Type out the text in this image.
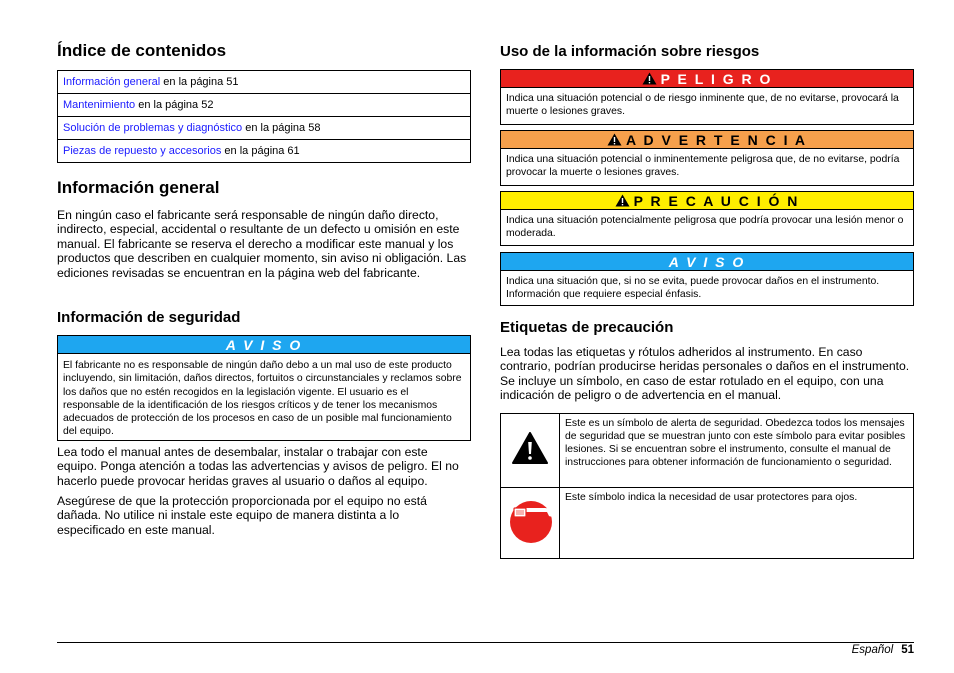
Índice de contenidos
Información general en la página 51
Mantenimiento en la página 52
Solución de problemas y diagnóstico en la página 58
Piezas de repuesto y accesorios en la página 61
Información general

En ningún caso el fabricante será responsable de ningún daño directo, indirecto, especial, accidental o resultante de un defecto u omisión en este manual. El fabricante se reserva el derecho a modificar este manual y los productos que describen en cualquier momento, sin aviso ni obligación. Las ediciones revisadas se encuentran en la página web del fabricante.

Información de seguridad
A V I S O
El fabricante no es responsable de ningún daño debo a un mal uso de este producto incluyendo, sin limitación, daños directos, fortuitos o circunstanciales y reclamos sobre los daños que no estén recogidos en la legislación vigente. El usuario es el responsable de la identificación de los riesgos críticos y de tener los mecanismos adecuados de protección de los procesos en caso de un posible mal funcionamiento del equipo.

Lea todo el manual antes de desembalar, instalar o trabajar con este equipo. Ponga atención a todas las advertencias y avisos de peligro. El no hacerlo puede provocar heridas graves al usuario o daños al equipo.

Asegúrese de que la protección proporcionada por el equipo no está dañada. No utilice ni instale este equipo de manera distinta a lo especificado en este manual.

Uso de la información sobre riesgos
P E L I G R O
Indica una situación potencial o de riesgo inminente que, de no evitarse, provocará la muerte o lesiones graves.
A D V E R T E N C I A
Indica una situación potencial o inminentemente peligrosa que, de no evitarse, podría provocar la muerte o lesiones graves.
P R E C A U C I Ó N
Indica una situación potencialmente peligrosa que podría provocar una lesión menor o moderada.
A V I S O
Indica una situación que, si no se evita, puede provocar daños en el instrumento. Información que requiere especial énfasis.
Etiquetas de precaución

Lea todas las etiquetas y rótulos adheridos al instrumento. En caso contrario, podrían producirse heridas personales o daños en el instrumento. Se incluye un símbolo, en caso de estar rotulado en el equipo, con una indicación de peligro o de advertencia en el manual.

	Este es un símbolo de alerta de seguridad. Obedezca todos los mensajes de seguridad que se muestran junto con este símbolo para evitar posibles lesiones. Si se encuentran sobre el instrumento, consulte el manual de instrucciones para obtener información de funcionamiento o seguridad.
	Este símbolo indica la necesidad de usar protectores para ojos.
Español 51
